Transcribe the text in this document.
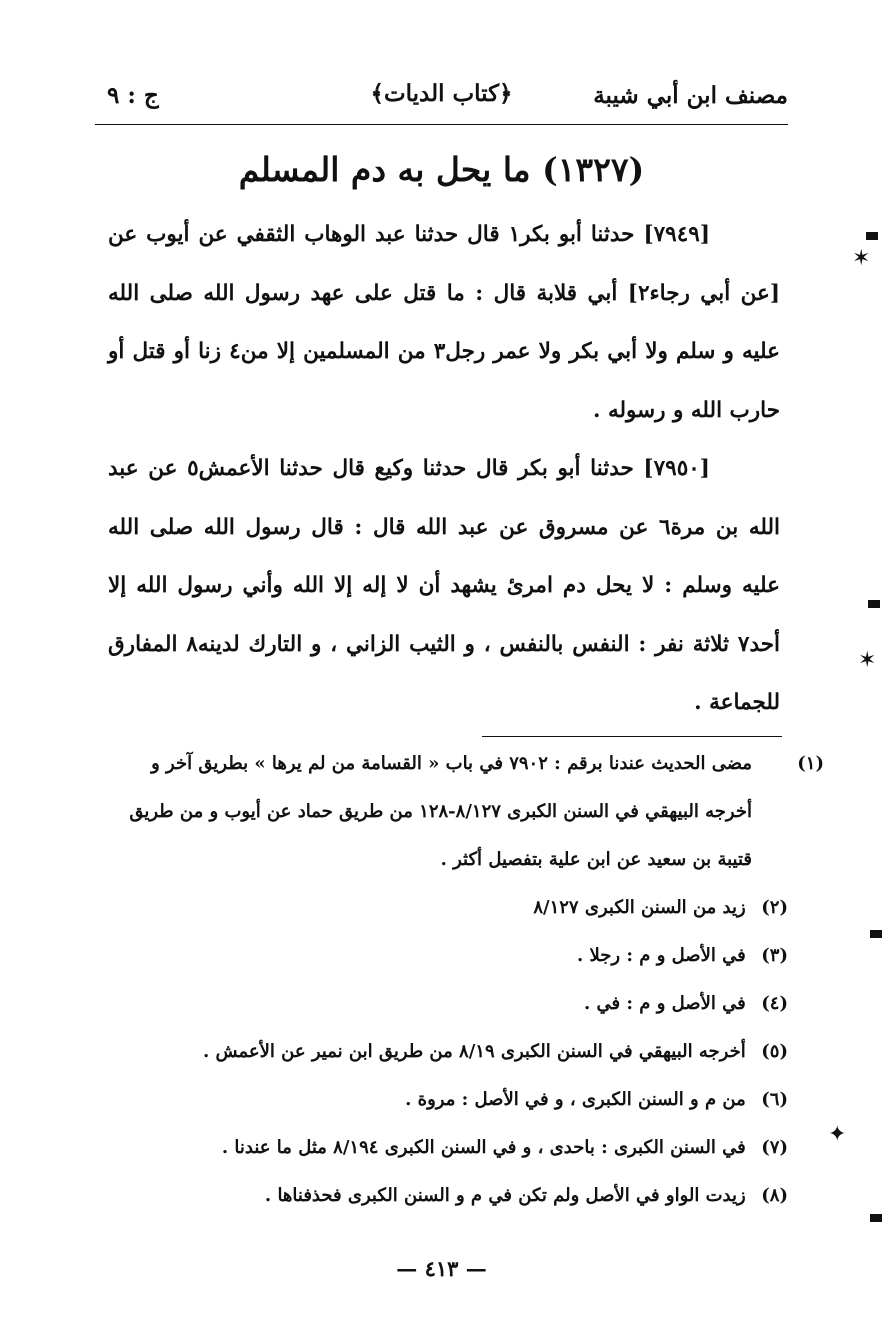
مصنف ابن أبي شيبة
﴿كتاب الديات﴾
ج : ٩
(١٣٢٧) ما يحل به دم المسلم

[٧٩٤٩] حدثنا أبو بكر١ قال حدثنا عبد الوهاب الثقفي عن أيوب عن [عن أبي رجاء٢] أبي قلابة قال : ما قتل على عهد رسول الله صلى الله عليه و سلم ولا أبي بكر ولا عمر رجل٣ من المسلمين إلا من٤ زنا أو قتل أو حارب الله و رسوله .

[٧٩٥٠] حدثنا أبو بكر قال حدثنا وكيع قال حدثنا الأعمش٥ عن عبد الله بن مرة٦ عن مسروق عن عبد الله قال : قال رسول الله صلى الله عليه وسلم : لا يحل دم امرئ يشهد أن لا إله إلا الله وأني رسول الله إلا أحد٧ ثلاثة نفر : النفس بالنفس ، و الثيب الزاني ، و التارك لدينه٨ المفارق للجماعة .

(١)مضى الحديث عندنا برقم : ٧٩٠٢ في باب « القسامة من لم يرها » بطريق آخر و أخرجه البيهقي في السنن الكبرى ٨/١٢٧-١٢٨ من طريق حماد عن أيوب و من طريق قتيبة بن سعيد عن ابن علية بتفصيل أكثر .
(٢) زيد من السنن الكبرى ٨/١٢٧
(٣) في الأصل و م : رجلا .
(٤) في الأصل و م : في .
(٥) أخرجه البيهقي في السنن الكبرى ٨/١٩ من طريق ابن نمير عن الأعمش .
(٦) من م و السنن الكبرى ، و في الأصل : مروة .
(٧) في السنن الكبرى : باحدى ، و في السنن الكبرى ٨/١٩٤ مثل ما عندنا .
(٨) زيدت الواو في الأصل ولم تكن في م و السنن الكبرى فحذفناها .
— ٤١٣ —
✶
✶
✦
